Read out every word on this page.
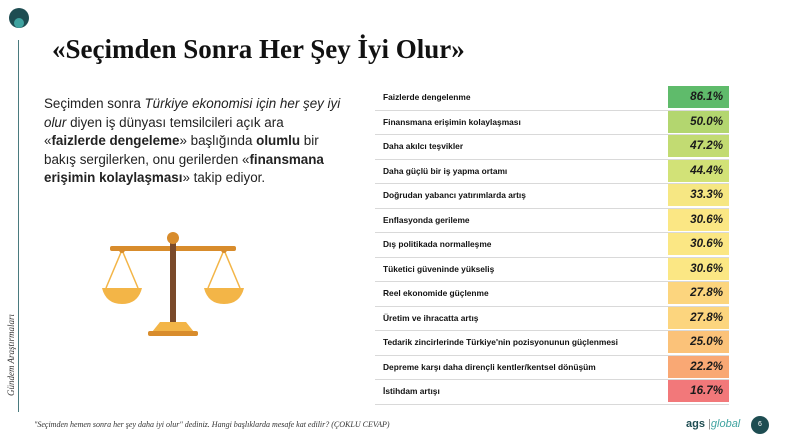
Gündem Araştırmaları
«Seçimden Sonra Her Şey İyi Olur»
Seçimden sonra Türkiye ekonomisi için her şey iyi olur diyen iş dünyası temsilcileri açık ara «faizlerde dengeleme» başlığında olumlu bir bakış sergilerken, onu gerilerden «finansmana erişimin kolaylaşması» takip ediyor.
Faizlerde dengelenme	86.1%
Finansmana erişimin kolaylaşması	50.0%
Daha akılcı teşvikler	47.2%
Daha güçlü bir iş yapma ortamı	44.4%
Doğrudan yabancı yatırımlarda artış	33.3%
Enflasyonda gerileme	30.6%
Dış politikada normalleşme	30.6%
Tüketici güveninde yükseliş	30.6%
Reel ekonomide güçlenme	27.8%
Üretim ve ihracatta artış	27.8%
Tedarik zincirlerinde Türkiye'nin pozisyonunun güçlenmesi	25.0%
Depreme karşı daha dirençli kentler/kentsel dönüşüm	22.2%
İstihdam artışı	16.7%
"Seçimden hemen sonra her şey daha iyi olur" dediniz. Hangi başlıklarda mesafe kat edilir? (ÇOKLU CEVAP)	ags |global	6
